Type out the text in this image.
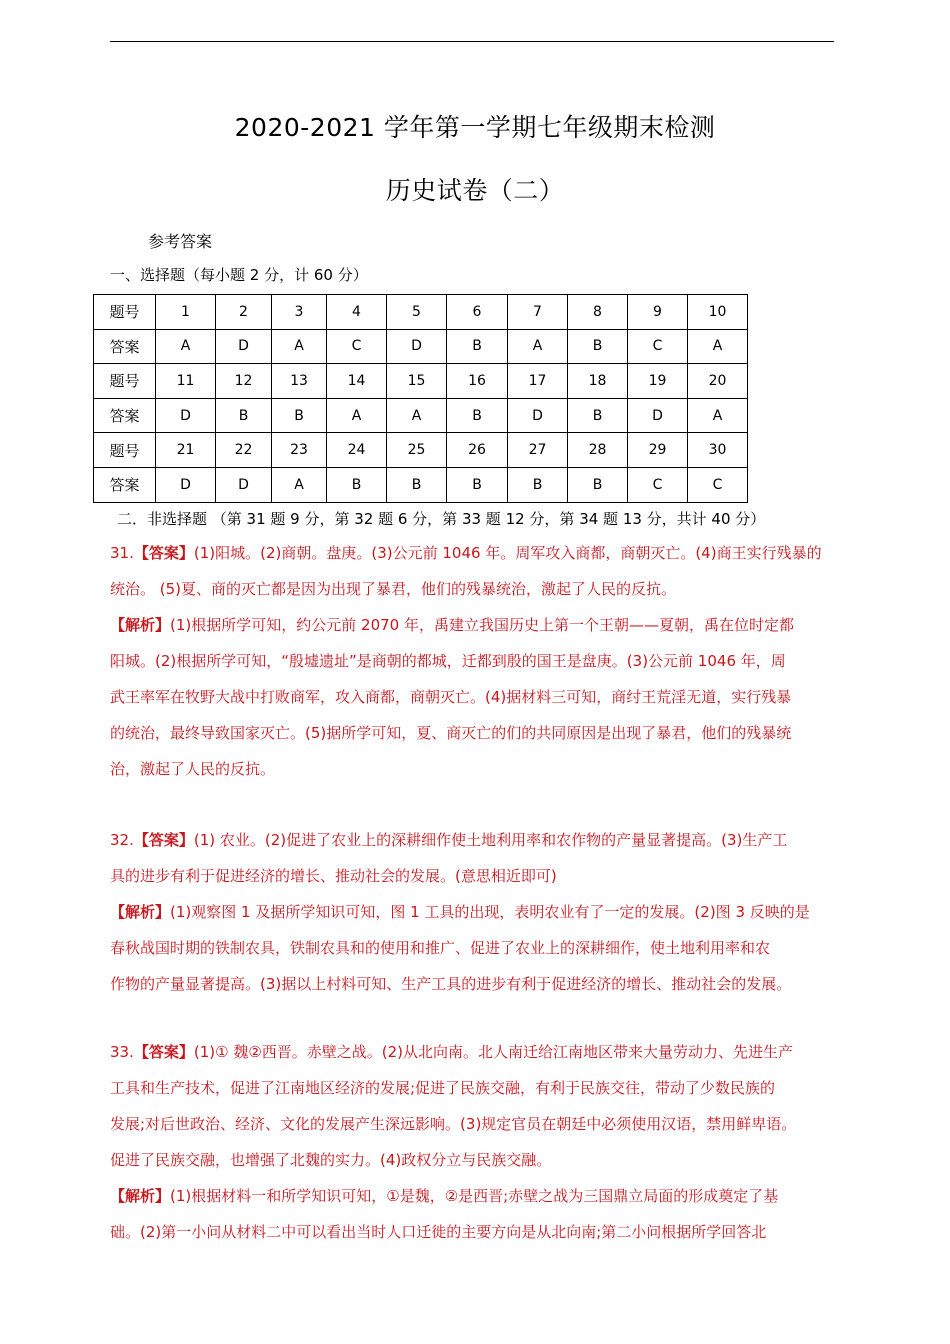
2020-2021 学年第一学期七年级期末检测
历史试卷（二）
参考答案
一、选择题（每小题 2 分，计 60 分）
题号	1	2	3	4	5	6	7	8	9	10
答案	A	D	A	C	D	B	A	B	C	A
题号	11	12	13	14	15	16	17	18	19	20
答案	D	B	B	A	A	B	D	B	D	A
题号	21	22	23	24	25	26	27	28	29	30
答案	D	D	A	B	B	B	B	B	C	C
二．非选择题 （第 31 题 9 分，第 32 题 6 分，第 33 题 12 分，第 34 题 13 分，共计 40 分）
31.【答案】(1)阳城。(2)商朝。盘庚。(3)公元前 1046 年。周军攻入商都，商朝灭亡。(4)商王实行残暴的
统治。 (5)夏、商的灭亡都是因为出现了暴君，他们的残暴统治，激起了人民的反抗。
【解析】(1)根据所学可知，约公元前 2070 年，禹建立我国历史上第一个王朝——夏朝，禹在位时定都
阳城。(2)根据所学可知，“殷墟遗址”是商朝的都城，迁都到殷的国王是盘庚。(3)公元前 1046 年，周
武王率军在牧野大战中打败商军，攻入商都，商朝灭亡。(4)据材料三可知，商纣王荒淫无道，实行残暴
的统治，最终导致国家灭亡。(5)据所学可知，夏、商灭亡的们的共同原因是出现了暴君，他们的残暴统
治，激起了人民的反抗。
32.【答案】(1) 农业。(2)促进了农业上的深耕细作使土地利用率和农作物的产量显著提高。(3)生产工
具的进步有利于促进经济的增长、推动社会的发展。(意思相近即可)
【解析】(1)观察图 1 及据所学知识可知，图 1 工具的出现，表明农业有了一定的发展。(2)图 3 反映的是
春秋战国时期的铁制农具，铁制农具和的使用和推广、促进了农业上的深耕细作，使土地利用率和农
作物的产量显著提高。(3)据以上村料可知、生产工具的进步有利于促进经济的增长、推动社会的发展。
33.【答案】(1)① 魏②西晋。赤壁之战。(2)从北向南。北人南迁给江南地区带来大量劳动力、先进生产
工具和生产技术，促进了江南地区经济的发展;促进了民族交融，有利于民族交往，带动了少数民族的
发展;对后世政治、经济、文化的发展产生深远影响。(3)规定官员在朝廷中必须使用汉语，禁用鲜卑语。
促进了民族交融，也增强了北魏的实力。(4)政权分立与民族交融。
【解析】(1)根据材料一和所学知识可知，①是魏，②是西晋;赤壁之战为三国鼎立局面的形成奠定了基
础。(2)第一小问从材料二中可以看出当时人口迁徙的主要方向是从北向南;第二小问根据所学回答北
